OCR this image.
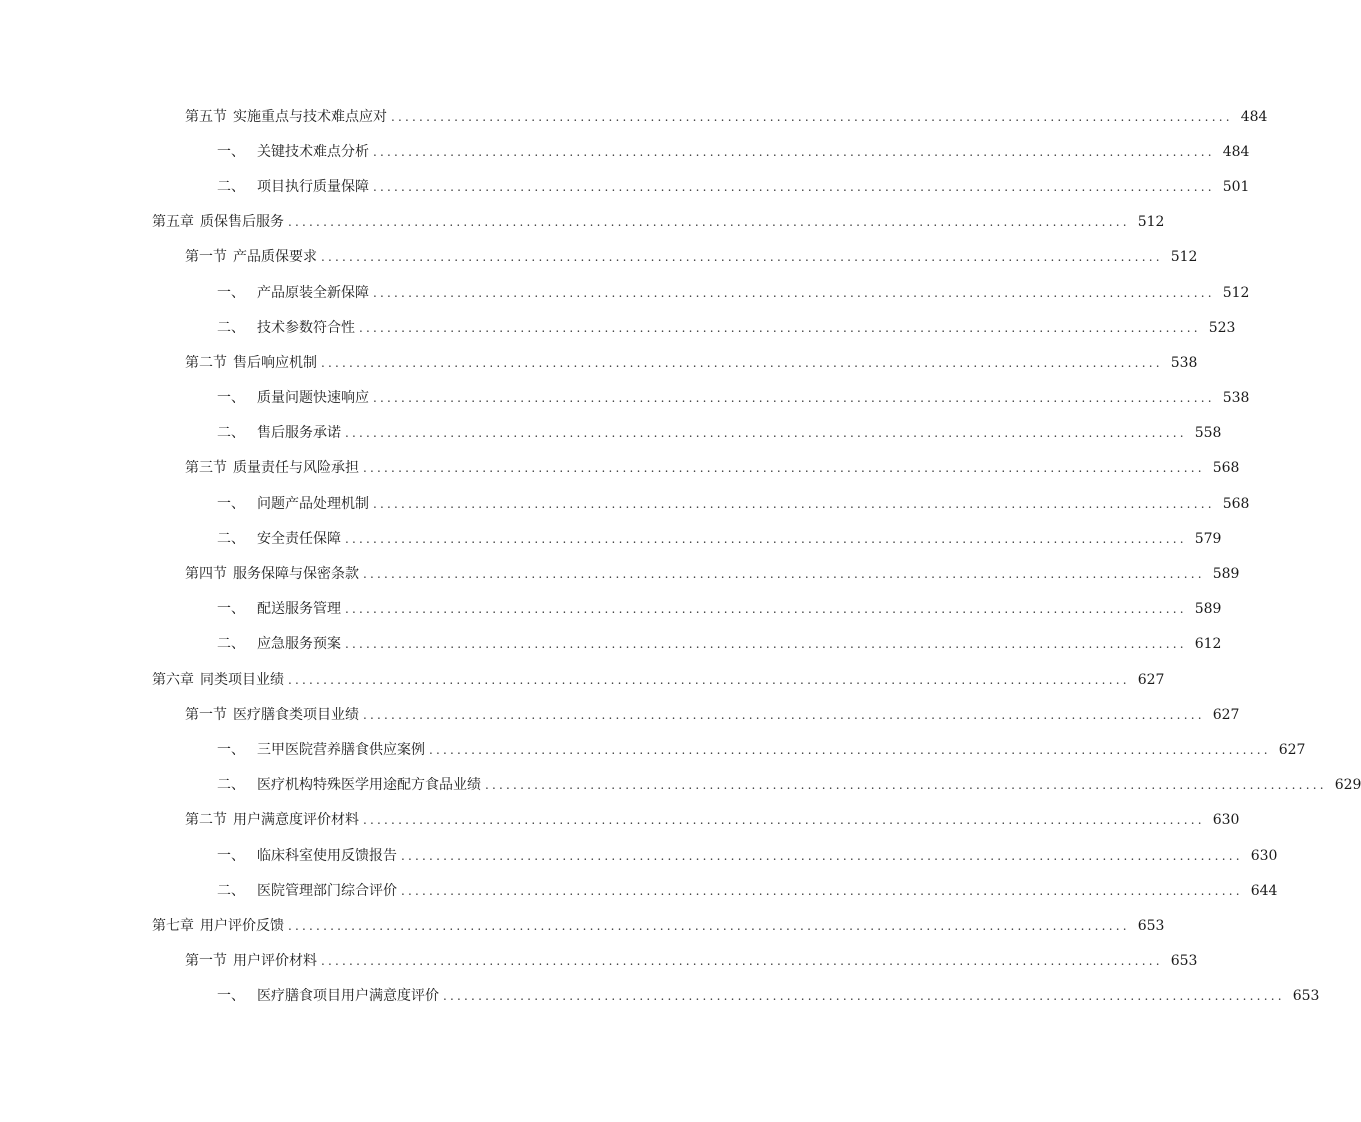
第五节 实施重点与技术难点应对 ........................................................................................................................ 484
一、 关键技术难点分析 ........................................................................................................................ 484
二、 项目执行质量保障 ........................................................................................................................ 501
第五章 质保售后服务 ........................................................................................................................ 512
第一节 产品质保要求 ........................................................................................................................ 512
一、 产品原装全新保障 ........................................................................................................................ 512
二、 技术参数符合性 ........................................................................................................................ 523
第二节 售后响应机制 ........................................................................................................................ 538
一、 质量问题快速响应 ........................................................................................................................ 538
二、 售后服务承诺 ........................................................................................................................ 558
第三节 质量责任与风险承担 ........................................................................................................................ 568
一、 问题产品处理机制 ........................................................................................................................ 568
二、 安全责任保障 ........................................................................................................................ 579
第四节 服务保障与保密条款 ........................................................................................................................ 589
一、 配送服务管理 ........................................................................................................................ 589
二、 应急服务预案 ........................................................................................................................ 612
第六章 同类项目业绩 ........................................................................................................................ 627
第一节 医疗膳食类项目业绩 ........................................................................................................................ 627
一、 三甲医院营养膳食供应案例 ........................................................................................................................ 627
二、 医疗机构特殊医学用途配方食品业绩 ........................................................................................................................ 629
第二节 用户满意度评价材料 ........................................................................................................................ 630
一、 临床科室使用反馈报告 ........................................................................................................................ 630
二、 医院管理部门综合评价 ........................................................................................................................ 644
第七章 用户评价反馈 ........................................................................................................................ 653
第一节 用户评价材料 ........................................................................................................................ 653
一、 医疗膳食项目用户满意度评价 ........................................................................................................................ 653
